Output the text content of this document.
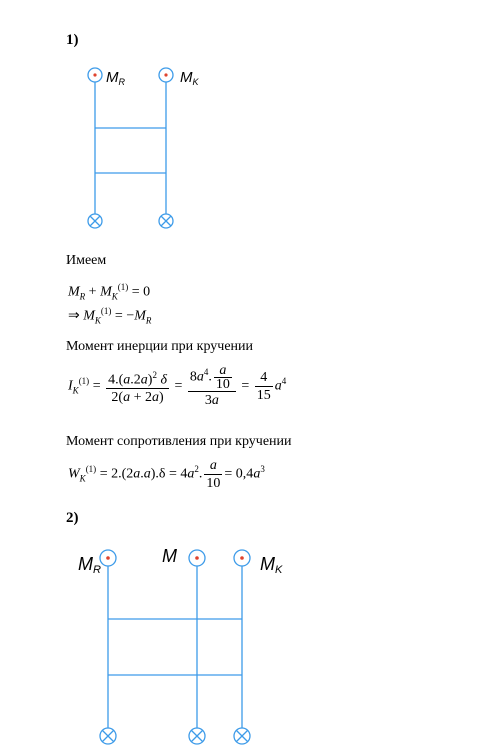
1)
$M_R$	$M_K$
Имеем
$M_R + M_K^{(1)} = 0$
⇒ $M_K^{(1)} = -M_R$
Момент инерции при кручении
$I_K^{(1)} = \frac{4.(a.2a)^2 \delta}{2(a + 2a)} = \frac{8a^4. \frac{a}{10}}{3a} = \frac{4}{15} a^4$
Момент сопротивления при кручении
$W_K^{(1)} = 2.(2a.a).\delta = 4a^2$. $\frac{a}{10} = 0,4a^3$
2)
MR
M	MK
